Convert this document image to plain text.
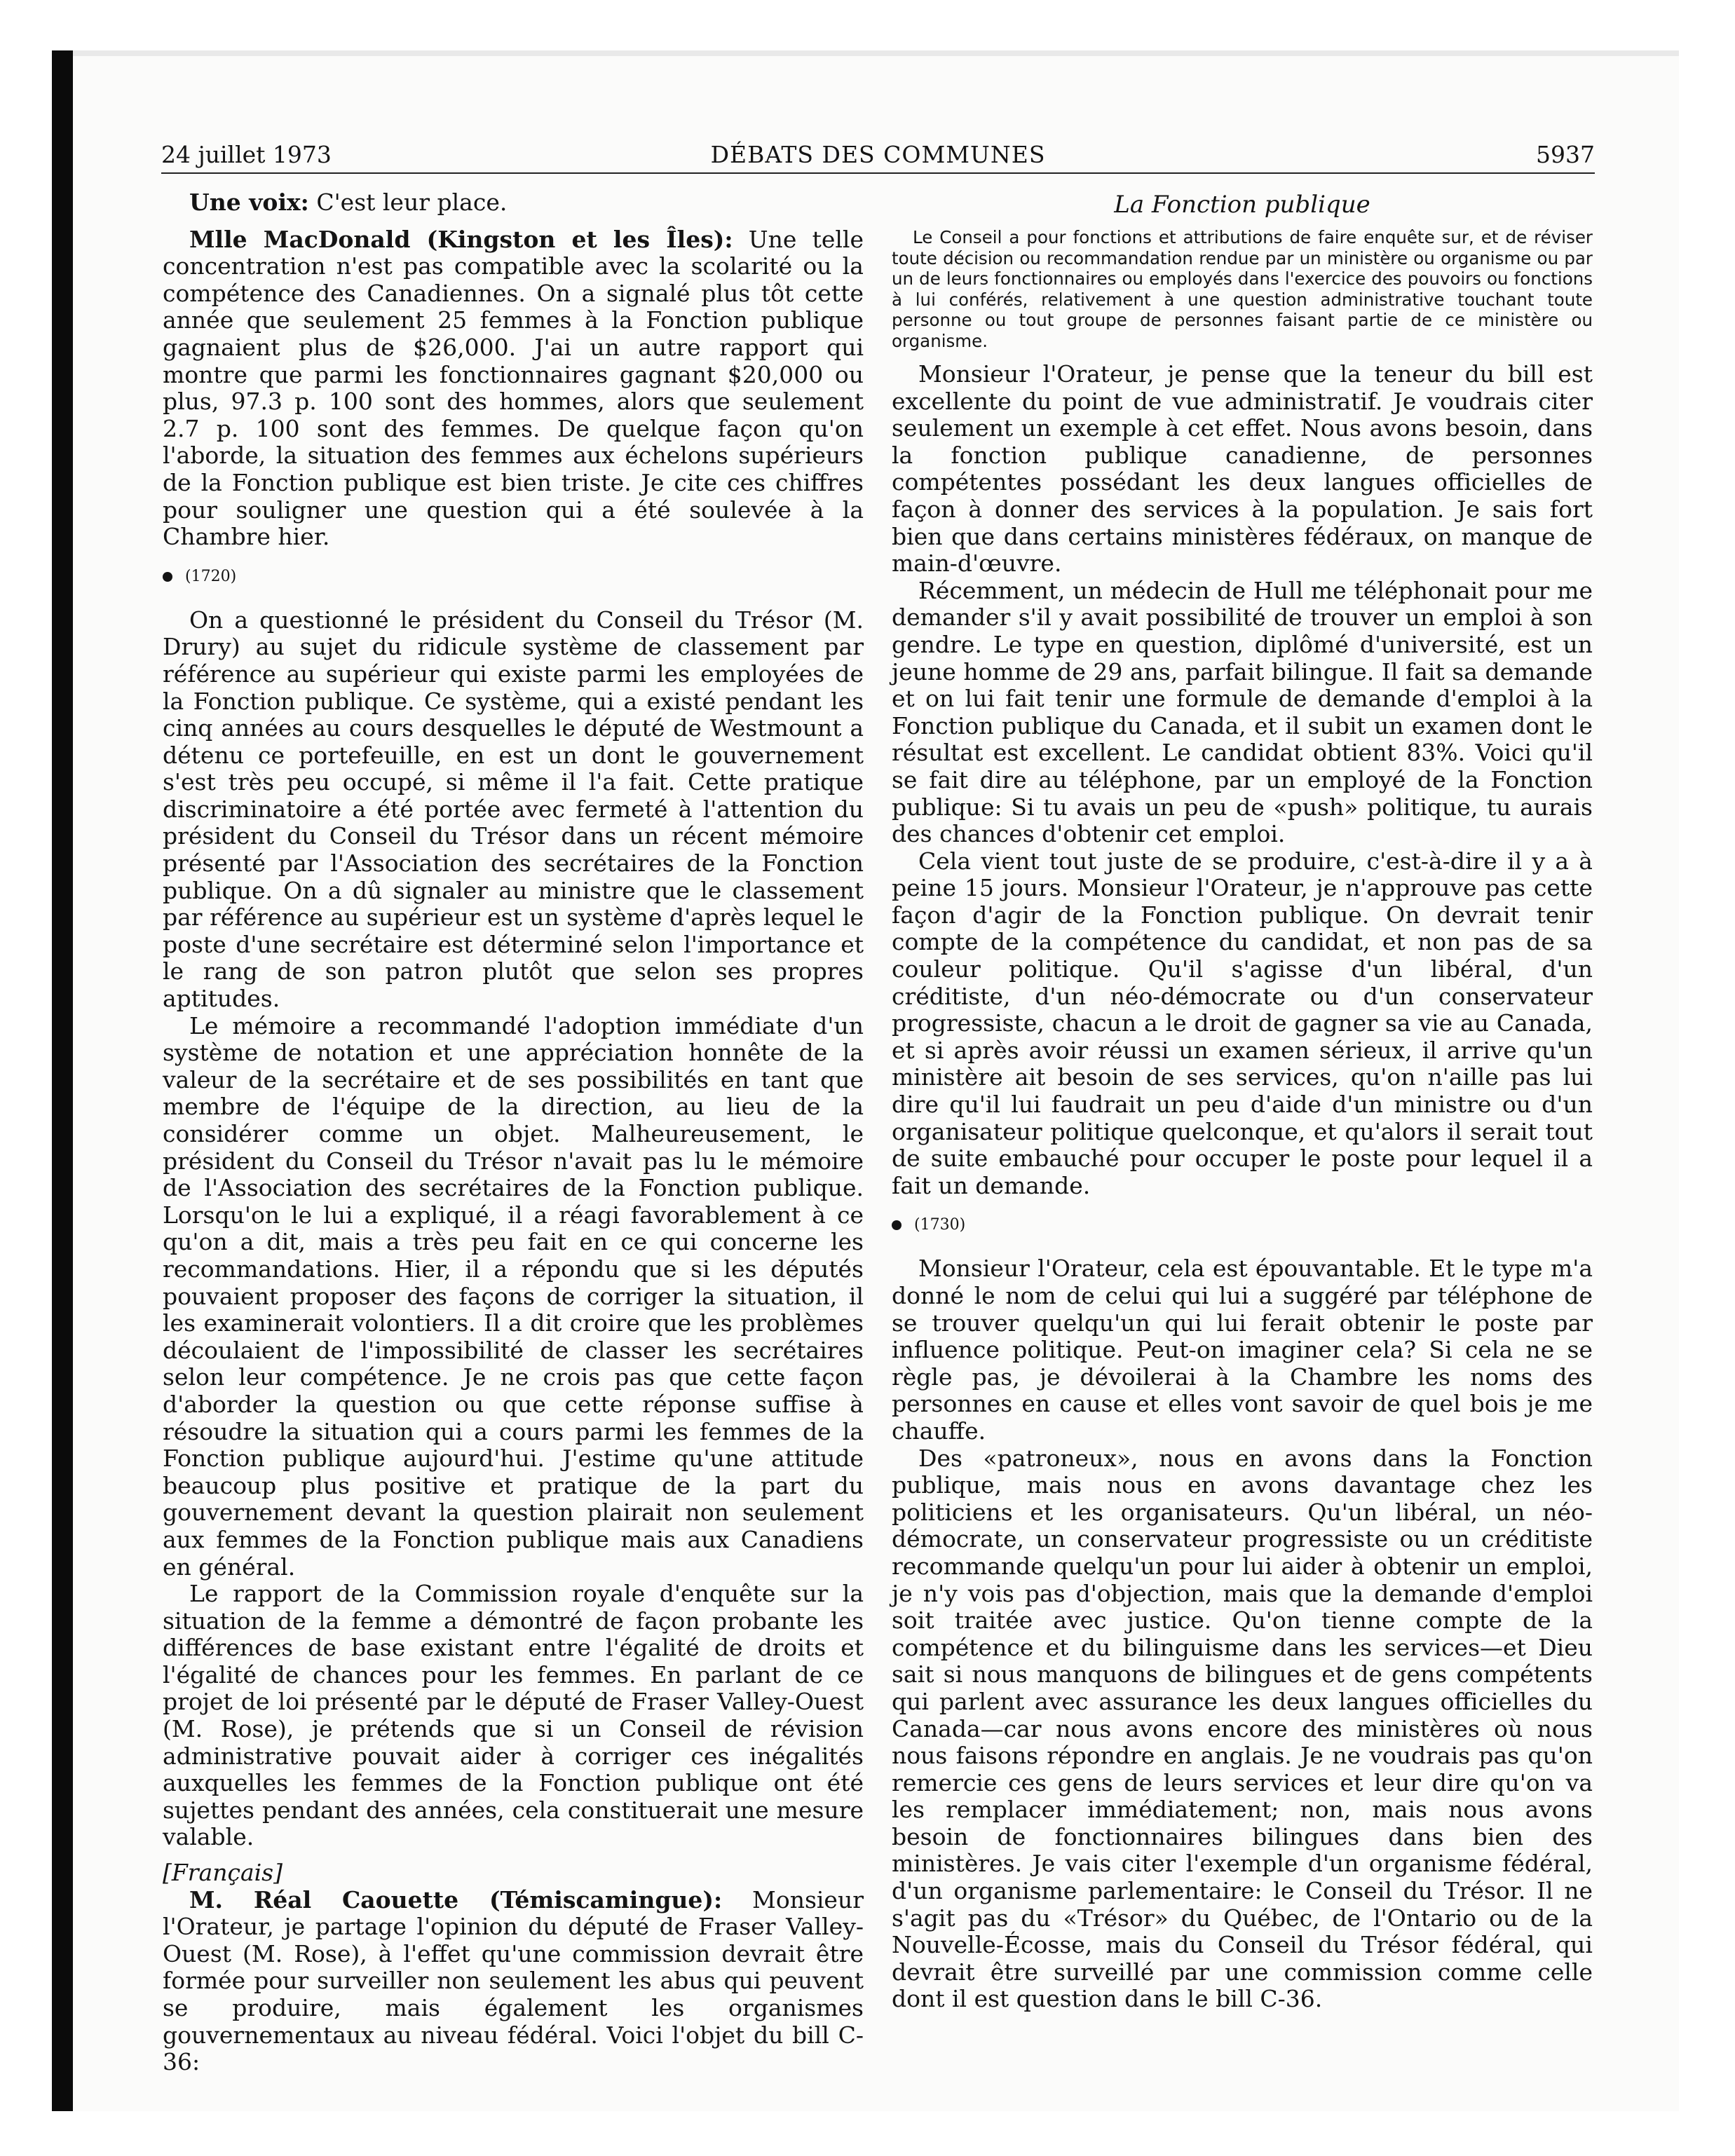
24 juillet 1973	DÉBATS DES COMMUNES	5937

Une voix: C'est leur place.

Mlle MacDonald (Kingston et les Îles): Une telle concentration n'est pas compatible avec la scolarité ou la compétence des Canadiennes. On a signalé plus tôt cette année que seulement 25 femmes à la Fonction publique gagnaient plus de $26,000. J'ai un autre rapport qui montre que parmi les fonctionnaires gagnant $20,000 ou plus, 97.3 p. 100 sont des hommes, alors que seulement 2.7 p. 100 sont des femmes. De quelque façon qu'on l'aborde, la situation des femmes aux échelons supérieurs de la Fonction publique est bien triste. Je cite ces chiffres pour souligner une question qui a été soulevée à la Chambre hier.

(1720)

On a questionné le président du Conseil du Trésor (M. Drury) au sujet du ridicule système de classement par référence au supérieur qui existe parmi les employées de la Fonction publique. Ce système, qui a existé pendant les cinq années au cours desquelles le député de Westmount a détenu ce portefeuille, en est un dont le gouvernement s'est très peu occupé, si même il l'a fait. Cette pratique discriminatoire a été portée avec fermeté à l'attention du président du Conseil du Trésor dans un récent mémoire présenté par l'Association des secrétaires de la Fonction publique. On a dû signaler au ministre que le classement par référence au supérieur est un système d'après lequel le poste d'une secrétaire est déterminé selon l'importance et le rang de son patron plutôt que selon ses propres aptitudes.

Le mémoire a recommandé l'adoption immédiate d'un système de notation et une appréciation honnête de la valeur de la secrétaire et de ses possibilités en tant que membre de l'équipe de la direction, au lieu de la considérer comme un objet. Malheureusement, le président du Conseil du Trésor n'avait pas lu le mémoire de l'Association des secrétaires de la Fonction publique. Lorsqu'on le lui a expliqué, il a réagi favorablement à ce qu'on a dit, mais a très peu fait en ce qui concerne les recommandations. Hier, il a répondu que si les députés pouvaient proposer des façons de corriger la situation, il les examinerait volontiers. Il a dit croire que les problèmes découlaient de l'impossibilité de classer les secrétaires selon leur compétence. Je ne crois pas que cette façon d'aborder la question ou que cette réponse suffise à résoudre la situation qui a cours parmi les femmes de la Fonction publique aujourd'hui. J'estime qu'une attitude beaucoup plus positive et pratique de la part du gouvernement devant la question plairait non seulement aux femmes de la Fonction publique mais aux Canadiens en général.

Le rapport de la Commission royale d'enquête sur la situation de la femme a démontré de façon probante les différences de base existant entre l'égalité de droits et l'égalité de chances pour les femmes. En parlant de ce projet de loi présenté par le député de Fraser Valley-Ouest (M. Rose), je prétends que si un Conseil de révision administrative pouvait aider à corriger ces inégalités auxquelles les femmes de la Fonction publique ont été sujettes pendant des années, cela constituerait une mesure valable.

[Français]

M. Réal Caouette (Témiscamingue): Monsieur l'Orateur, je partage l'opinion du député de Fraser Valley-Ouest (M. Rose), à l'effet qu'une commission devrait être formée pour surveiller non seulement les abus qui peuvent se produire, mais également les organismes gouvernementaux au niveau fédéral. Voici l'objet du bill C-36:

La Fonction publique

Le Conseil a pour fonctions et attributions de faire enquête sur, et de réviser toute décision ou recommandation rendue par un ministère ou organisme ou par un de leurs fonctionnaires ou employés dans l'exercice des pouvoirs ou fonctions à lui conférés, relativement à une question administrative touchant toute personne ou tout groupe de personnes faisant partie de ce ministère ou organisme.

Monsieur l'Orateur, je pense que la teneur du bill est excellente du point de vue administratif. Je voudrais citer seulement un exemple à cet effet. Nous avons besoin, dans la fonction publique canadienne, de personnes compétentes possédant les deux langues officielles de façon à donner des services à la population. Je sais fort bien que dans certains ministères fédéraux, on manque de main-d'œuvre.

Récemment, un médecin de Hull me téléphonait pour me demander s'il y avait possibilité de trouver un emploi à son gendre. Le type en question, diplômé d'université, est un jeune homme de 29 ans, parfait bilingue. Il fait sa demande et on lui fait tenir une formule de demande d'emploi à la Fonction publique du Canada, et il subit un examen dont le résultat est excellent. Le candidat obtient 83%. Voici qu'il se fait dire au téléphone, par un employé de la Fonction publique: Si tu avais un peu de «push» politique, tu aurais des chances d'obtenir cet emploi.

Cela vient tout juste de se produire, c'est-à-dire il y a à peine 15 jours. Monsieur l'Orateur, je n'approuve pas cette façon d'agir de la Fonction publique. On devrait tenir compte de la compétence du candidat, et non pas de sa couleur politique. Qu'il s'agisse d'un libéral, d'un créditiste, d'un néo-démocrate ou d'un conservateur progressiste, chacun a le droit de gagner sa vie au Canada, et si après avoir réussi un examen sérieux, il arrive qu'un ministère ait besoin de ses services, qu'on n'aille pas lui dire qu'il lui faudrait un peu d'aide d'un ministre ou d'un organisateur politique quelconque, et qu'alors il serait tout de suite embauché pour occuper le poste pour lequel il a fait un demande.

(1730)

Monsieur l'Orateur, cela est épouvantable. Et le type m'a donné le nom de celui qui lui a suggéré par téléphone de se trouver quelqu'un qui lui ferait obtenir le poste par influence politique. Peut-on imaginer cela? Si cela ne se règle pas, je dévoilerai à la Chambre les noms des personnes en cause et elles vont savoir de quel bois je me chauffe.

Des «patroneux», nous en avons dans la Fonction publique, mais nous en avons davantage chez les politiciens et les organisateurs. Qu'un libéral, un néo-démocrate, un conservateur progressiste ou un créditiste recommande quelqu'un pour lui aider à obtenir un emploi, je n'y vois pas d'objection, mais que la demande d'emploi soit traitée avec justice. Qu'on tienne compte de la compétence et du bilinguisme dans les services—et Dieu sait si nous manquons de bilingues et de gens compétents qui parlent avec assurance les deux langues officielles du Canada—car nous avons encore des ministères où nous nous faisons répondre en anglais. Je ne voudrais pas qu'on remercie ces gens de leurs services et leur dire qu'on va les remplacer immédiatement; non, mais nous avons besoin de fonctionnaires bilingues dans bien des ministères. Je vais citer l'exemple d'un organisme fédéral, d'un organisme parlementaire: le Conseil du Trésor. Il ne s'agit pas du «Trésor» du Québec, de l'Ontario ou de la Nouvelle-Écosse, mais du Conseil du Trésor fédéral, qui devrait être surveillé par une commission comme celle dont il est question dans le bill C-36.
